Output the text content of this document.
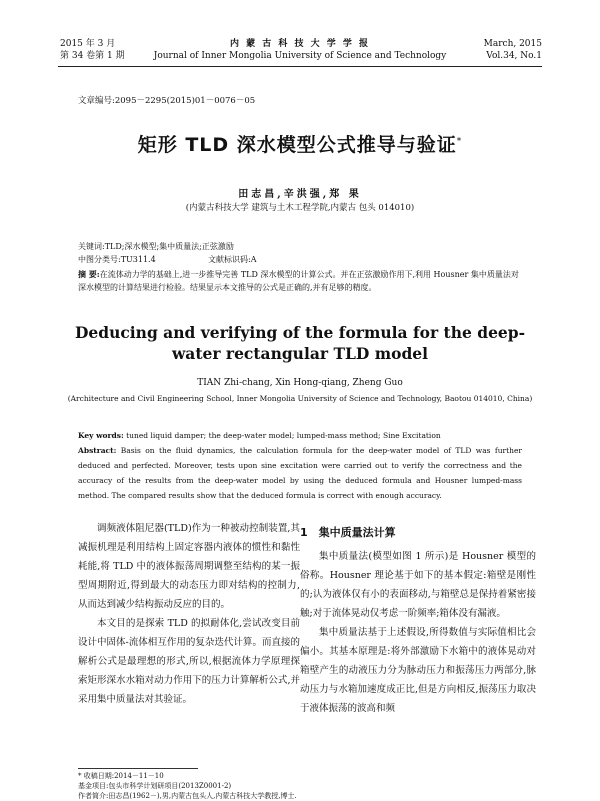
2015 年 3 月
第 34 卷第 1 期
内 蒙 古 科 技 大 学 学 报
Journal of Inner Mongolia University of Science and Technology
March, 2015
Vol.34, No.1
文章编号:2095－2295(2015)01－0076－05
矩形 TLD 深水模型公式推导与验证*
田志昌,辛洪强,郑 果
(内蒙古科技大学 建筑与土木工程学院,内蒙古 包头 014010)
关键词:TLD;深水模型;集中质量法;正弦激励
中图分类号:TU311.4	文献标识码:A
摘 要:在流体动力学的基础上,进一步推导完善 TLD 深水模型的计算公式。并在正弦激励作用下,利用 Housner 集中质量法对深水模型的计算结果进行检验。结果显示本文推导的公式是正确的,并有足够的精度。
Deducing and verifying of the formula for the deep-water rectangular TLD model
TIAN Zhi-chang, Xin Hong-qiang, Zheng Guo
(Architecture and Civil Engineering School, Inner Mongolia University of Science and Technology, Baotou 014010, China)
Key words: tuned liquid damper; the deep-water model; lumped-mass method; Sine Excitation
Abstract: Basis on the fluid dynamics, the calculation formula for the deep-water model of TLD was further deduced and perfected. Moreover, tests upon sine excitation were carried out to verify the correctness and the accuracy of the results from the deep-water model by using the deduced formula and Housner lumped-mass method. The compared results show that the deduced formula is correct with enough accuracy.

调频液体阻尼器(TLD)作为一种被动控制装置,其减振机理是利用结构上固定容器内液体的惯性和黏性耗能,将 TLD 中的液体振荡周期调整至结构的某一振型周期附近,得到最大的动态压力即对结构的控制力,从而达到减少结构振动反应的目的。

本文目的是探索 TLD 的拟耐体化,尝试改变目前设计中固体-流体相互作用的复杂迭代计算。而直接的解析公式是最理想的形式,所以,根据流体力学原理探索矩形深水水箱对动力作用下的压力计算解析公式,并采用集中质量法对其验证。

1　集中质量法计算

集中质量法(模型如图 1 所示)是 Housner 模型的俗称。Housner 理论基于如下的基本假定:箱壁是刚性的;认为液体仅有小的表面移动,与箱壁总是保持着紧密接触;对于流体晃动仅考虑一阶频率;箱体没有漏液。

集中质量法基于上述假设,所得数值与实际值相比会偏小。其基本原理是:将外部激励下水箱中的液体晃动对箱壁产生的动液压力分为脉动压力和振荡压力两部分,脉动压力与水箱加速度成正比,但是方向相反,振荡压力取决于液体振荡的波高和频

* 收稿日期:2014－11－10
基金项目:包头市科学计划研项目(2013Z0001-2)
作者简介:田志昌(1962－),男,内蒙古包头人,内蒙古科技大学教授,博士.
